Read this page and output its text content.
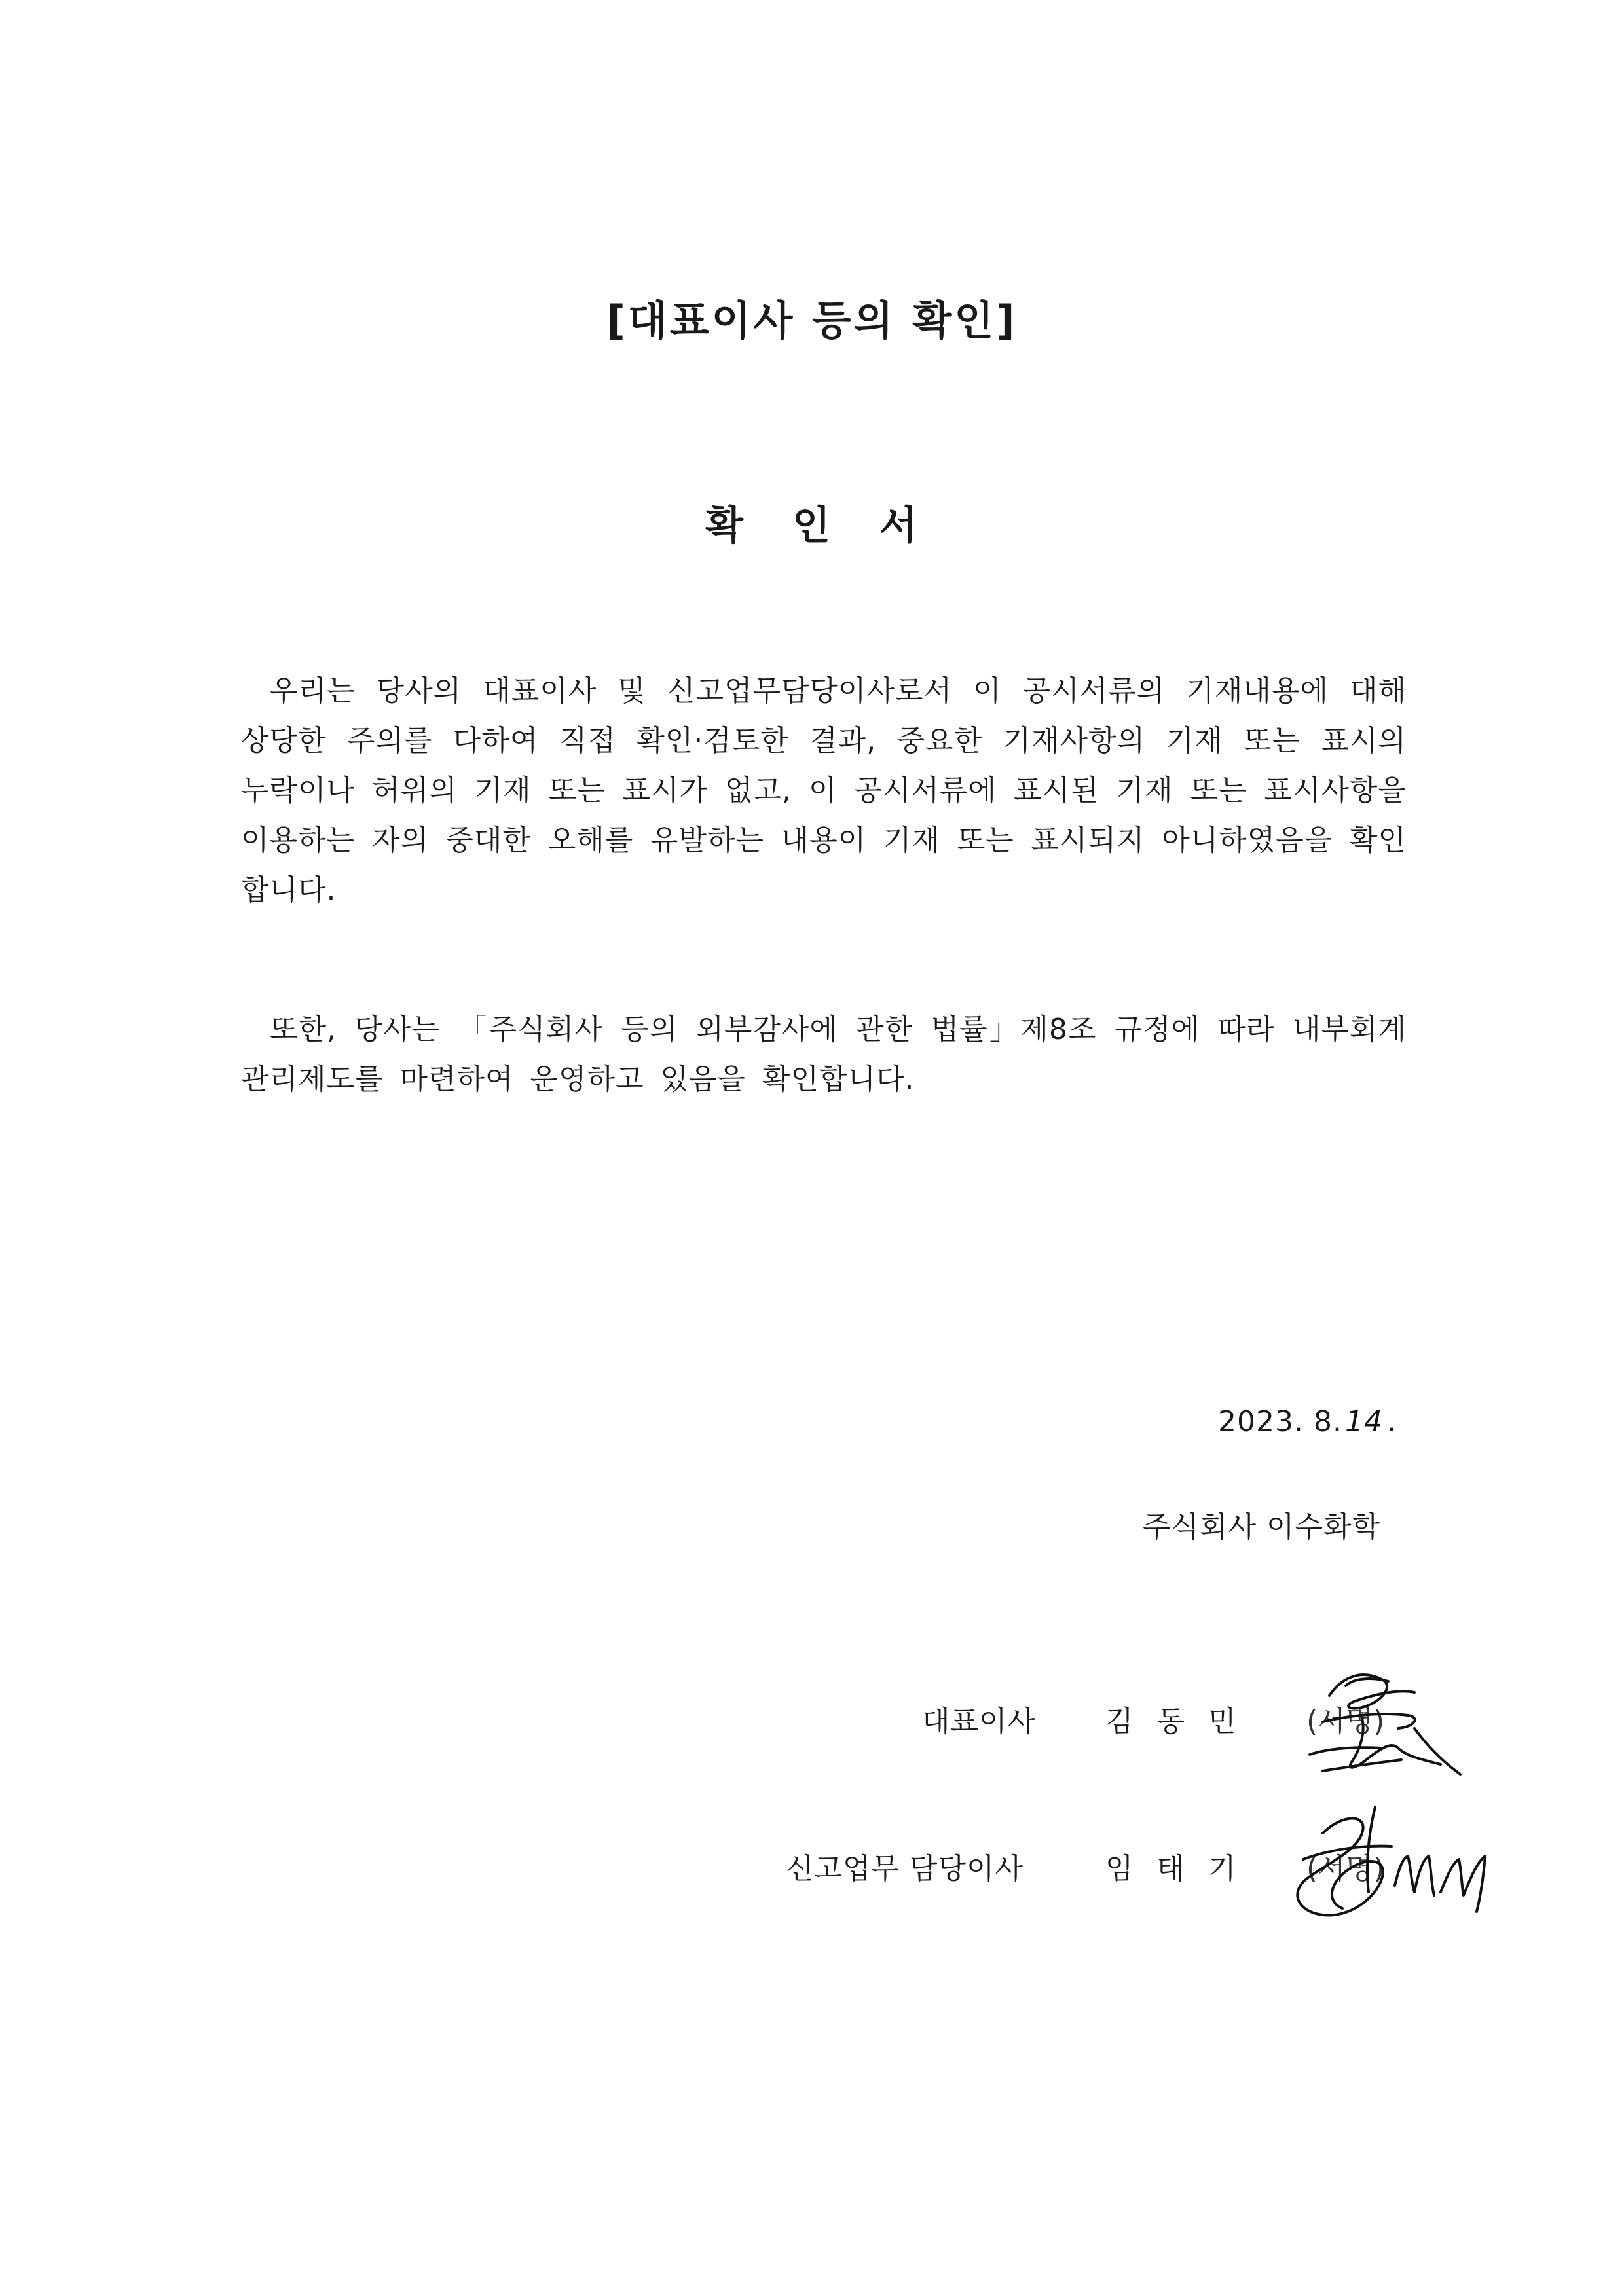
[대표이사 등의 확인]
확 인 서

우리는 당사의 대표이사 및 신고업무담당이사로서 이 공시서류의 기재내용에 대해 상당한 주의를 다하여 직접 확인·검토한 결과, 중요한 기재사항의 기재 또는 표시의 누락이나 허위의 기재 또는 표시가 없고, 이 공시서류에 표시된 기재 또는 표시사항을 이용하는 자의 중대한 오해를 유발하는 내용이 기재 또는 표시되지 아니하였음을 확인합니다.

또한, 당사는 「주식회사 등의 외부감사에 관한 법률」제8조 규정에 따라 내부회계관리제도를 마련하여 운영하고 있음을 확인합니다.

2023. 8.14 .
주식회사 이수화학
대표이사 김 동 민 (서명)
신고업무 담당이사	임 태 기 (서명)
